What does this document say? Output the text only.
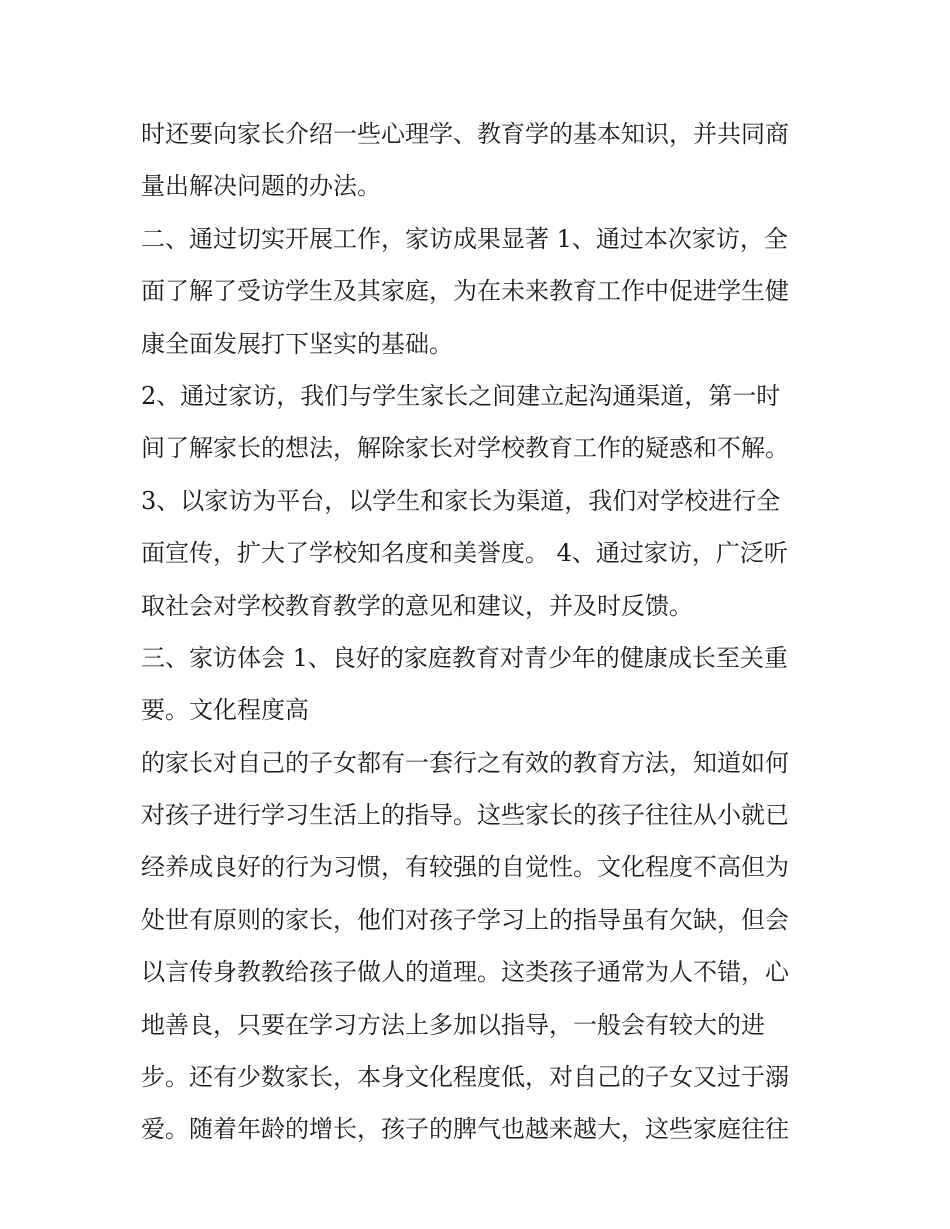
时还要向家长介绍一些心理学、教育学的基本知识，并共同商
量出解决问题的办法。
二、通过切实开展工作，家访成果显著 1、通过本次家访，全
面了解了受访学生及其家庭，为在未来教育工作中促进学生健
康全面发展打下坚实的基础。
2、通过家访，我们与学生家长之间建立起沟通渠道，第一时
间了解家长的想法，解除家长对学校教育工作的疑惑和不解。
3、以家访为平台，以学生和家长为渠道，我们对学校进行全
面宣传，扩大了学校知名度和美誉度。 4、通过家访，广泛听
取社会对学校教育教学的意见和建议，并及时反馈。
三、家访体会 1、良好的家庭教育对青少年的健康成长至关重
要。文化程度高
的家长对自己的子女都有一套行之有效的教育方法，知道如何
对孩子进行学习生活上的指导。这些家长的孩子往往从小就已
经养成良好的行为习惯，有较强的自觉性。文化程度不高但为
处世有原则的家长，他们对孩子学习上的指导虽有欠缺，但会
以言传身教教给孩子做人的道理。这类孩子通常为人不错，心
地善良，只要在学习方法上多加以指导，一般会有较大的进
步。还有少数家长，本身文化程度低，对自己的子女又过于溺
爱。随着年龄的增长，孩子的脾气也越来越大，这些家庭往往
